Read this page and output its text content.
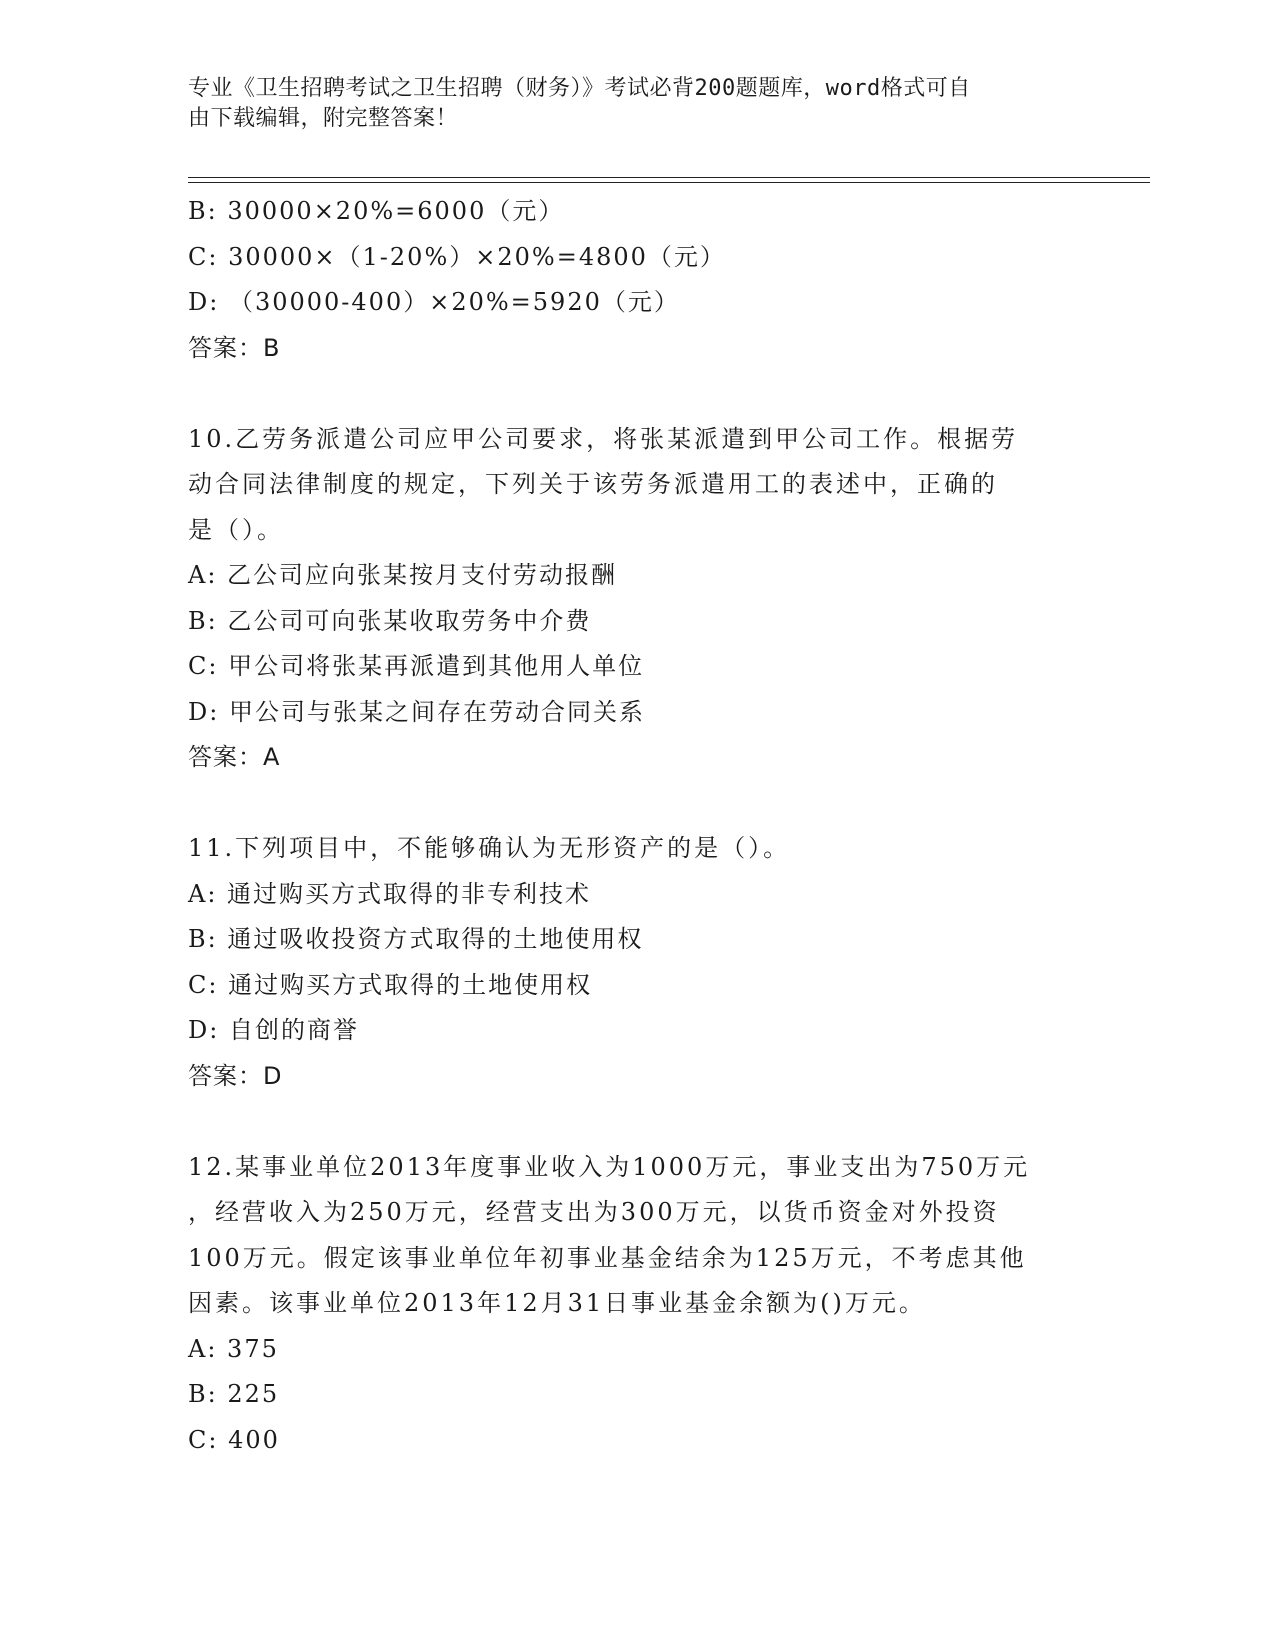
专业《卫生招聘考试之卫生招聘（财务）》考试必背200题题库，word格式可自
由下载编辑，附完整答案！
B: 30000×20%=6000（元）
C: 30000×（1-20%）×20%=4800（元）
D: （30000-400）×20%=5920（元）
答案：B
10.乙劳务派遣公司应甲公司要求，将张某派遣到甲公司工作。根据劳
动合同法律制度的规定，下列关于该劳务派遣用工的表述中，正确的
是（）。
A: 乙公司应向张某按月支付劳动报酬
B: 乙公司可向张某收取劳务中介费
C: 甲公司将张某再派遣到其他用人单位
D: 甲公司与张某之间存在劳动合同关系
答案：A
11.下列项目中，不能够确认为无形资产的是（）。
A: 通过购买方式取得的非专利技术
B: 通过吸收投资方式取得的土地使用权
C: 通过购买方式取得的土地使用权
D: 自创的商誉
答案：D
12.某事业单位2013年度事业收入为1000万元，事业支出为750万元
，经营收入为250万元，经营支出为300万元，以货币资金对外投资
100万元。假定该事业单位年初事业基金结余为125万元，不考虑其他
因素。该事业单位2013年12月31日事业基金余额为()万元。
A: 375
B: 225
C: 400
